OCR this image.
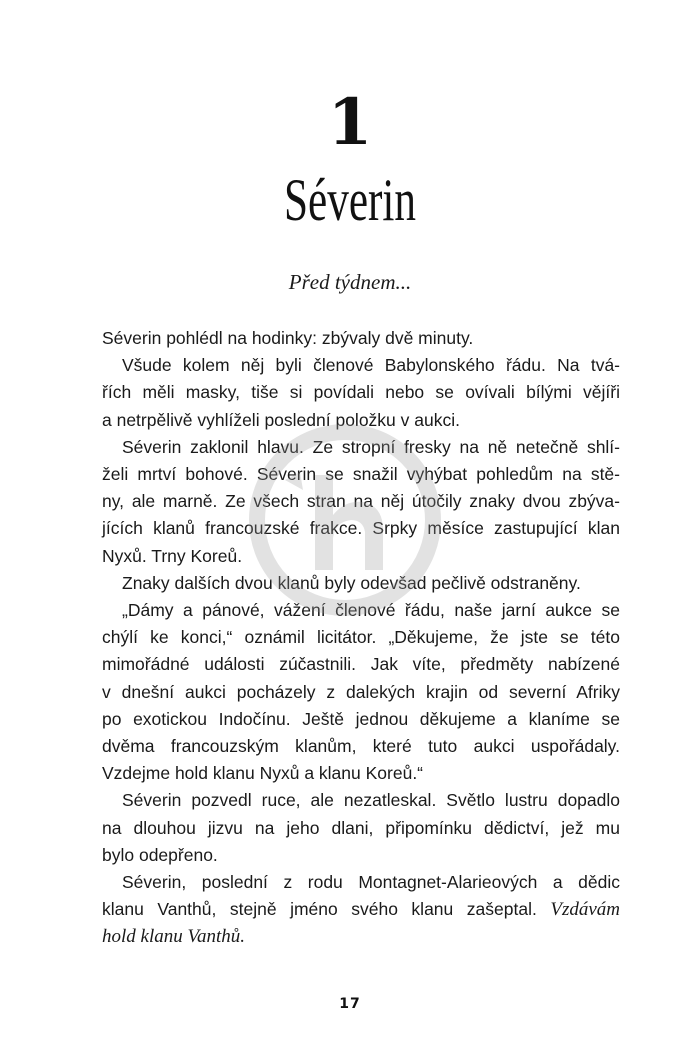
1
Séverin
Před týdnem...

Séverin pohlédl na hodinky: zbývaly dvě minuty.

Všude kolem něj byli členové Babylonského řádu. Na tvá-

řích měli masky, tiše si povídali nebo se ovívali bílými vějíři

a netrpělivě vyhlíželi poslední položku v aukci.

Séverin zaklonil hlavu. Ze stropní fresky na ně netečně shlí-

želi mrtví bohové. Séverin se snažil vyhýbat pohledům na stě-

ny, ale marně. Ze všech stran na něj útočily znaky dvou zbýva-

jících klanů francouzské frakce. Srpky měsíce zastupující klan

Nyxů. Trny Koreů.

Znaky dalších dvou klanů byly odevšad pečlivě odstraněny.

„Dámy a pánové, vážení členové řádu, naše jarní aukce se

chýlí ke konci,“ oznámil licitátor. „Děkujeme, že jste se této

mimořádné události zúčastnili. Jak víte, předměty nabízené

v dnešní aukci pocházely z dalekých krajin od severní Afriky

po exotickou Indočínu. Ještě jednou děkujeme a klaníme se

dvěma francouzským klanům, které tuto aukci uspořádaly.

Vzdejme hold klanu Nyxů a klanu Koreů.“

Séverin pozvedl ruce, ale nezatleskal. Světlo lustru dopadlo

na dlouhou jizvu na jeho dlani, připomínku dědictví, jež mu

bylo odepřeno.

Séverin, poslední z rodu Montagnet-Alarieových a dědic

klanu Vanthů, stejně jméno svého klanu zašeptal. Vzdávám

hold klanu Vanthů.

17
